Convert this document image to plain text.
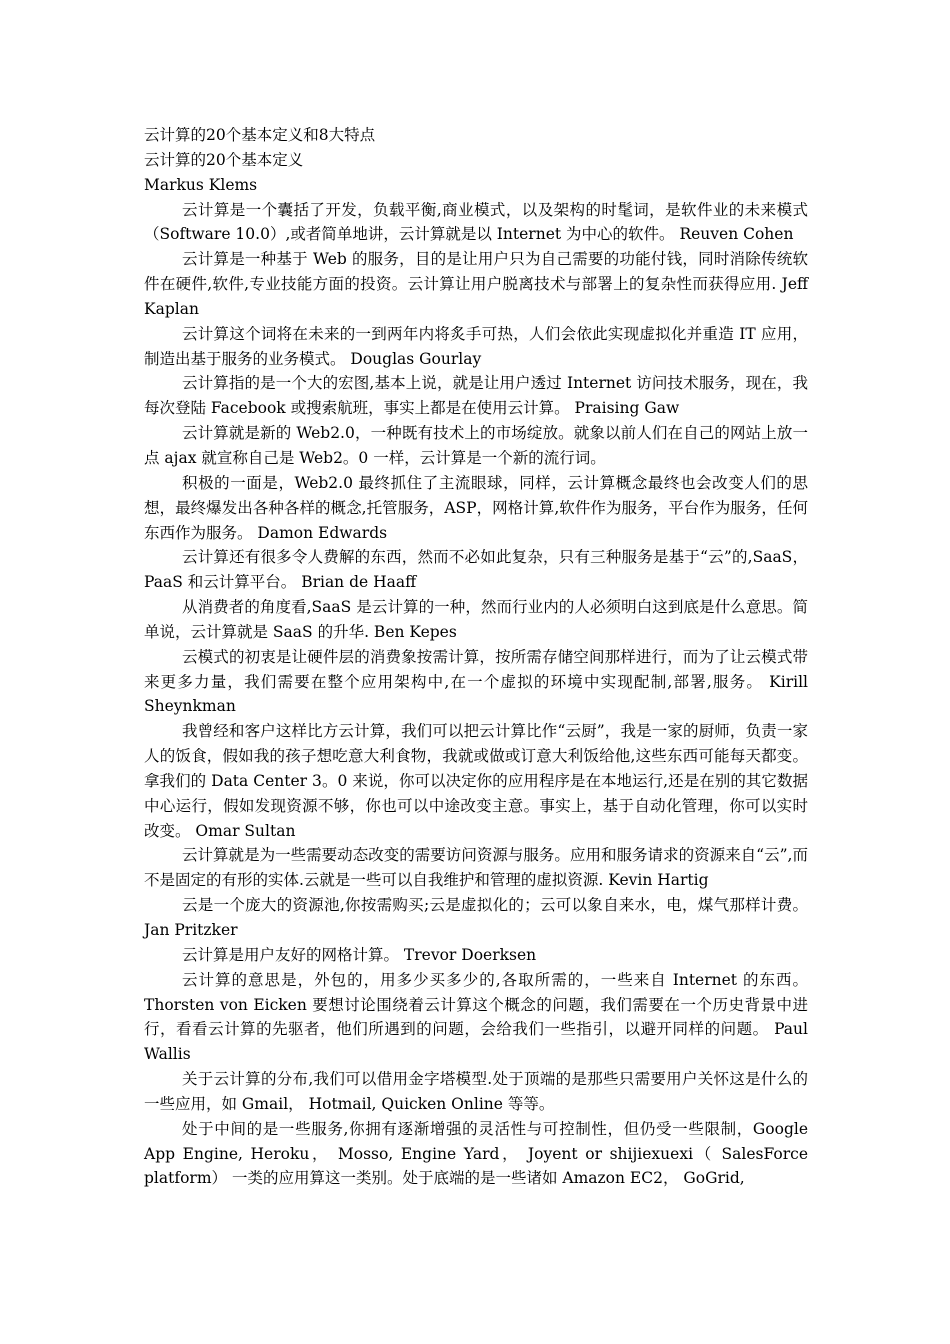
云计算的20个基本定义和8大特点
云计算的20个基本定义
Markus Klems

云计算是一个囊括了开发，负载平衡,商业模式，以及架构的时髦词，是软件业的未来模式（Software 10.0）,或者简单地讲，云计算就是以 Internet 为中心的软件。 Reuven Cohen

云计算是一种基于 Web 的服务，目的是让用户只为自己需要的功能付钱，同时消除传统软件在硬件,软件,专业技能方面的投资。云计算让用户脱离技术与部署上的复杂性而获得应用. Jeff Kaplan

云计算这个词将在未来的一到两年内将炙手可热，人们会依此实现虚拟化并重造 IT 应用，制造出基于服务的业务模式。 Douglas Gourlay

云计算指的是一个大的宏图,基本上说，就是让用户透过 Internet 访问技术服务，现在，我每次登陆 Facebook 或搜索航班，事实上都是在使用云计算。 Praising Gaw

云计算就是新的 Web2.0，一种既有技术上的市场绽放。就象以前人们在自己的网站上放一点 ajax 就宣称自己是 Web2。0 一样，云计算是一个新的流行词。

积极的一面是，Web2.0 最终抓住了主流眼球，同样，云计算概念最终也会改变人们的思想，最终爆发出各种各样的概念,托管服务，ASP，网格计算,软件作为服务，平台作为服务，任何东西作为服务。 Damon Edwards

云计算还有很多令人费解的东西，然而不必如此复杂，只有三种服务是基于“云”的,SaaS，PaaS 和云计算平台。 Brian de Haaff

从消费者的角度看,SaaS 是云计算的一种，然而行业内的人必须明白这到底是什么意思。简单说，云计算就是 SaaS 的升华. Ben Kepes

云模式的初衷是让硬件层的消费象按需计算，按所需存储空间那样进行，而为了让云模式带来更多力量，我们需要在整个应用架构中,在一个虚拟的环境中实现配制,部署,服务。 Kirill Sheynkman

我曾经和客户这样比方云计算，我们可以把云计算比作“云厨”，我是一家的厨师，负责一家人的饭食，假如我的孩子想吃意大利食物，我就或做或订意大利饭给他,这些东西可能每天都变。拿我们的 Data Center 3。0 来说，你可以决定你的应用程序是在本地运行,还是在别的其它数据中心运行，假如发现资源不够，你也可以中途改变主意。事实上，基于自动化管理，你可以实时改变。 Omar Sultan

云计算就是为一些需要动态改变的需要访问资源与服务。应用和服务请求的资源来自“云”,而不是固定的有形的实体.云就是一些可以自我维护和管理的虚拟资源. Kevin Hartig

云是一个庞大的资源池,你按需购买;云是虚拟化的；云可以象自来水，电，煤气那样计费。 Jan Pritzker

云计算是用户友好的网格计算。 Trevor Doerksen

云计算的意思是，外包的，用多少买多少的,各取所需的，一些来自 Internet 的东西。Thorsten von Eicken 要想讨论围绕着云计算这个概念的问题，我们需要在一个历史背景中进行，看看云计算的先驱者，他们所遇到的问题，会给我们一些指引，以避开同样的问题。 Paul Wallis

关于云计算的分布,我们可以借用金字塔模型.处于顶端的是那些只需要用户关怀这是什么的一些应用，如 Gmail， Hotmail, Quicken Online 等等。

处于中间的是一些服务,你拥有逐渐增强的灵活性与可控制性，但仍受一些限制，Google App Engine, Heroku， Mosso, Engine Yard， Joyent or shijiexuexi（ SalesForce platform） 一类的应用算这一类别。处于底端的是一些诸如 Amazon EC2， GoGrid,
